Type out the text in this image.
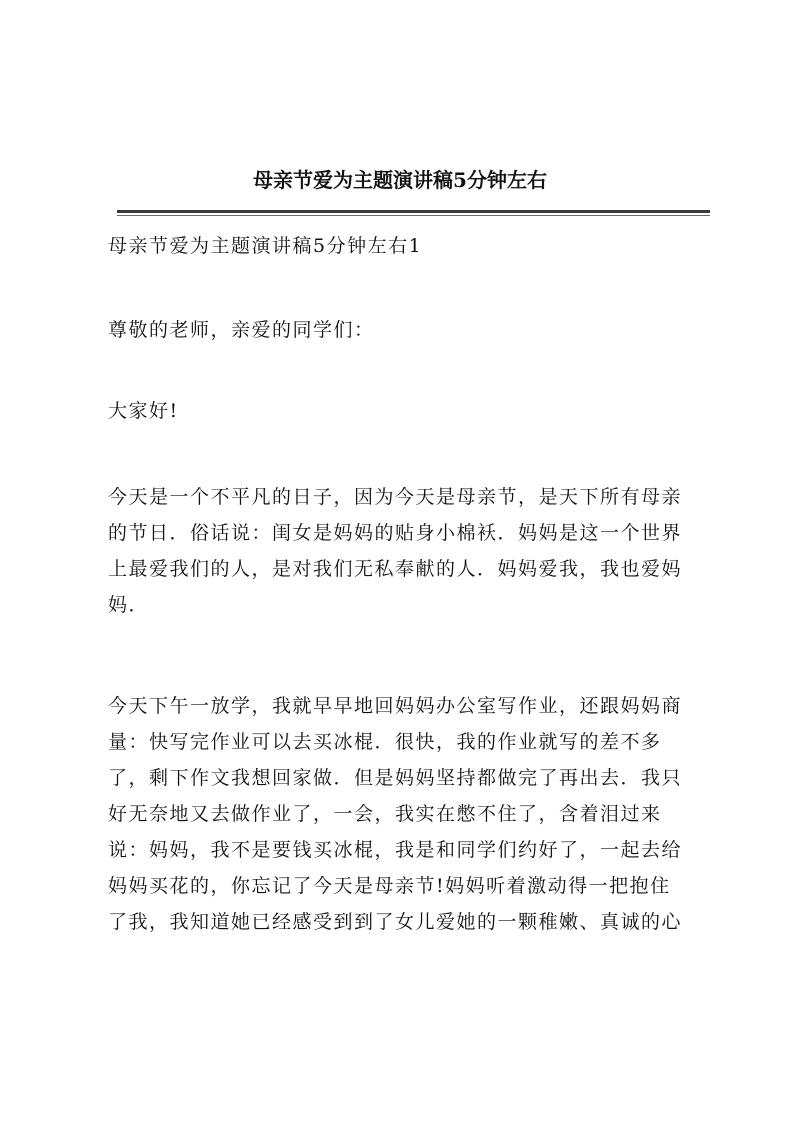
母亲节爱为主题演讲稿5分钟左右
母亲节爱为主题演讲稿5分钟左右1
尊敬的老师，亲爱的同学们：
大家好!
今天是一个不平凡的日子，因为今天是母亲节，是天下所有母亲
的节日．俗话说：闺女是妈妈的贴身小棉袄．妈妈是这一个世界
上最爱我们的人，是对我们无私奉献的人．妈妈爱我，我也爱妈
妈．
今天下午一放学，我就早早地回妈妈办公室写作业，还跟妈妈商
量：快写完作业可以去买冰棍．很快，我的作业就写的差不多
了，剩下作文我想回家做．但是妈妈坚持都做完了再出去．我只
好无奈地又去做作业了，一会，我实在憋不住了，含着泪过来
说：妈妈，我不是要钱买冰棍，我是和同学们约好了，一起去给
妈妈买花的，你忘记了今天是母亲节!妈妈听着激动得一把抱住
了我，我知道她已经感受到到了女儿爱她的一颗稚嫩、真诚的心
